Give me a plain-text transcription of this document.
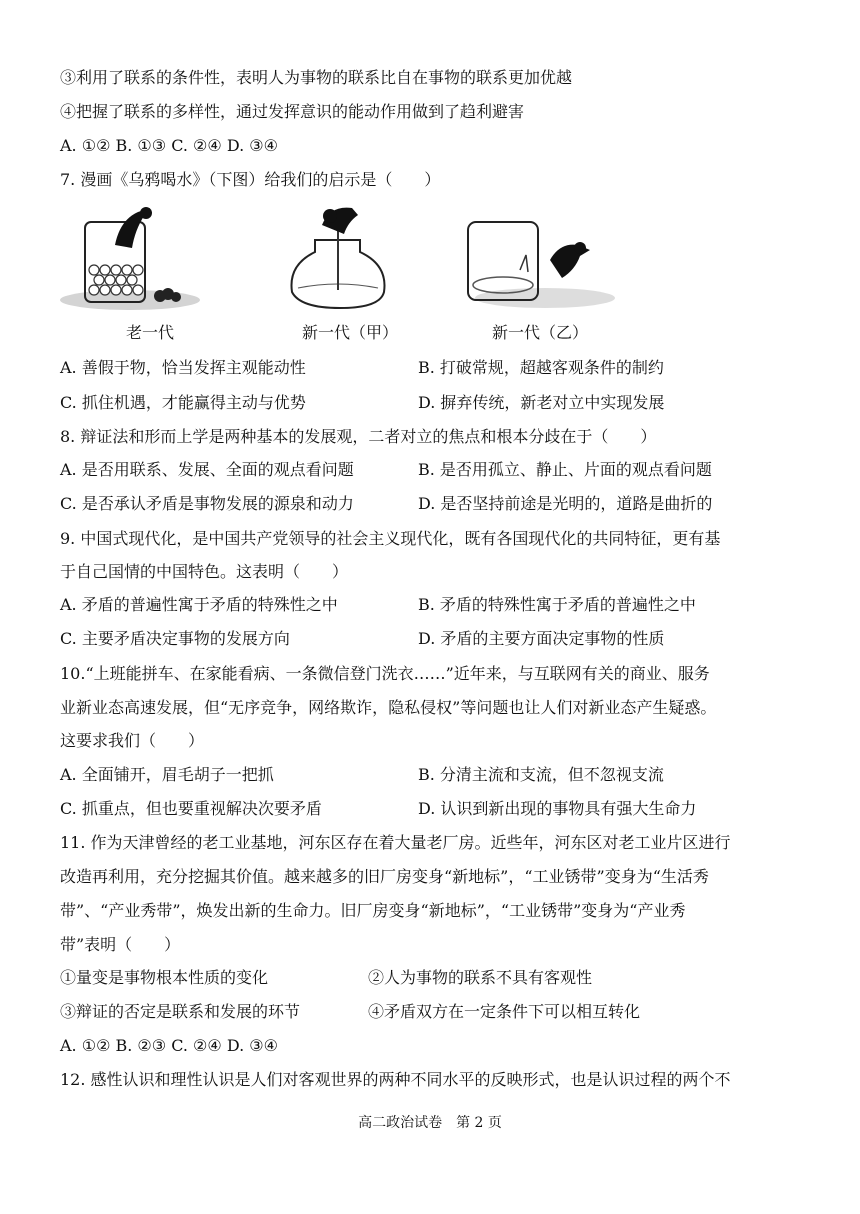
③利用了联系的条件性，表明人为事物的联系比自在事物的联系更加优越
④把握了联系的多样性，通过发挥意识的能动作用做到了趋利避害
A. ①② B. ①③ C. ②④ D. ③④
7. 漫画《乌鸦喝水》（下图）给我们的启示是（　　）
老一代	新一代（甲）	新一代（乙）
A. 善假于物，恰当发挥主观能动性	B. 打破常规，超越客观条件的制约
C. 抓住机遇，才能赢得主动与优势	D. 摒弃传统，新老对立中实现发展
8. 辩证法和形而上学是两种基本的发展观，二者对立的焦点和根本分歧在于（　　）
A. 是否用联系、发展、全面的观点看问题	B. 是否用孤立、静止、片面的观点看问题
C. 是否承认矛盾是事物发展的源泉和动力	D. 是否坚持前途是光明的，道路是曲折的
9. 中国式现代化，是中国共产党领导的社会主义现代化，既有各国现代化的共同特征，更有基
于自己国情的中国特色。这表明（　　）
A. 矛盾的普遍性寓于矛盾的特殊性之中	B. 矛盾的特殊性寓于矛盾的普遍性之中
C. 主要矛盾决定事物的发展方向	D. 矛盾的主要方面决定事物的性质
10.“上班能拼车、在家能看病、一条微信登门洗衣……”近年来，与互联网有关的商业、服务
业新业态高速发展，但“无序竞争，网络欺诈，隐私侵权”等问题也让人们对新业态产生疑惑。
这要求我们（　　）
A. 全面铺开，眉毛胡子一把抓	B. 分清主流和支流，但不忽视支流
C. 抓重点，但也要重视解决次要矛盾	D. 认识到新出现的事物具有强大生命力
11. 作为天津曾经的老工业基地，河东区存在着大量老厂房。近些年，河东区对老工业片区进行
改造再利用，充分挖掘其价值。越来越多的旧厂房变身“新地标”，“工业锈带”变身为“生活秀
带”、“产业秀带”，焕发出新的生命力。旧厂房变身“新地标”，“工业锈带”变身为“产业秀
带”表明（　　）
①量变是事物根本性质的变化	②人为事物的联系不具有客观性
③辩证的否定是联系和发展的环节	④矛盾双方在一定条件下可以相互转化
A. ①② B. ②③ C. ②④ D. ③④
12. 感性认识和理性认识是人们对客观世界的两种不同水平的反映形式，也是认识过程的两个不
高二政治试卷　第 2 页
